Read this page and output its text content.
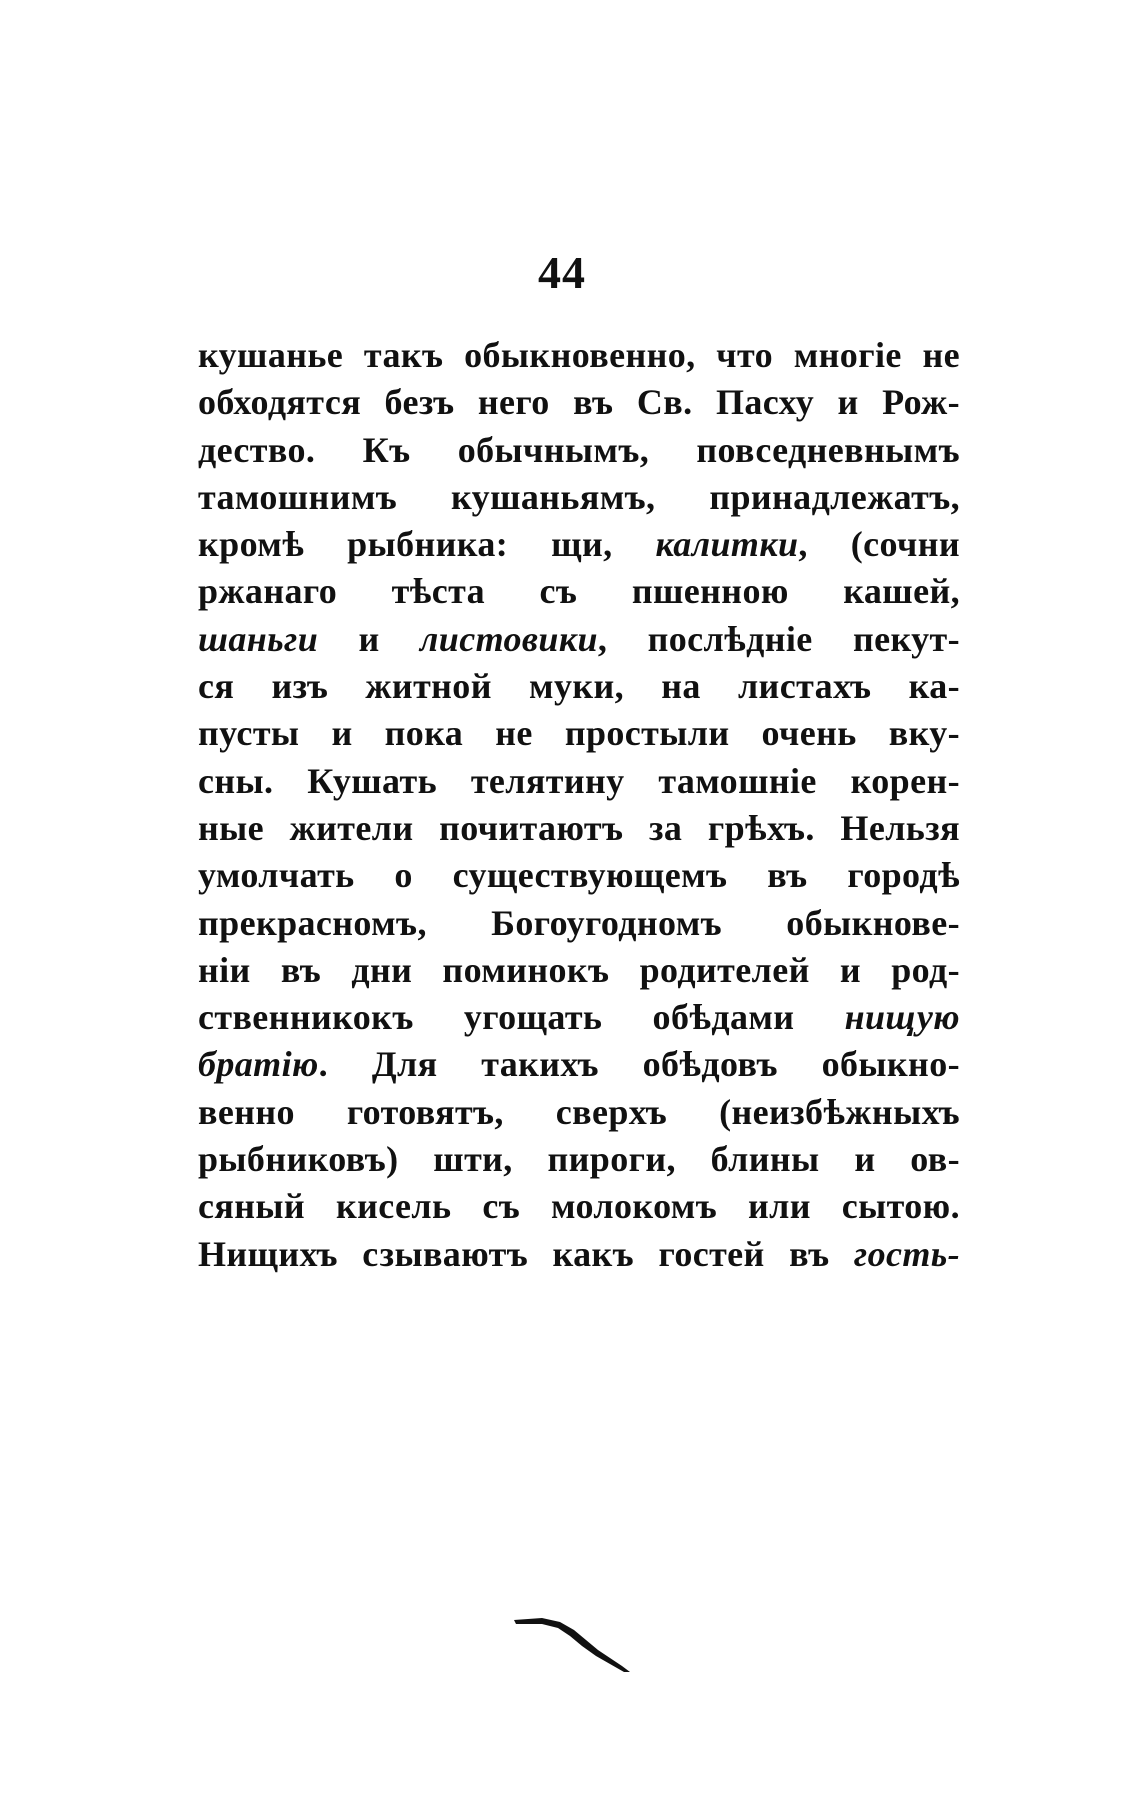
44
кушанье такъ обыкновенно, что многіе не
обходятся безъ него въ Св. Пасху и Рож-
дество. Къ обычнымъ, повседневнымъ
тамошнимъ кушаньямъ, принадлежатъ,
кромѣ рыбника: щи, калитки, (сочни
ржанаго тѣста съ пшенною кашей,
шаньги и листовики, послѣдніе пекут-
ся изъ житной муки, на листахъ ка-
пусты и пока не простыли очень вку-
сны. Кушать телятину тамошніе корен-
ные жители почитаютъ за грѣхъ. Нельзя
умолчать о существующемъ въ городѣ
прекрасномъ, Богоугодномъ обыкнове-
ніи въ дни поминокъ родителей и род-
ственникокъ угощать обѣдами нищую
братію. Для такихъ обѣдовъ обыкно-
венно готовятъ, сверхъ (неизбѣжныхъ
рыбниковъ) шти, пироги, блины и ов-
сяный кисель съ молокомъ или сытою.
Нищихъ сзываютъ какъ гостей въ гость-
